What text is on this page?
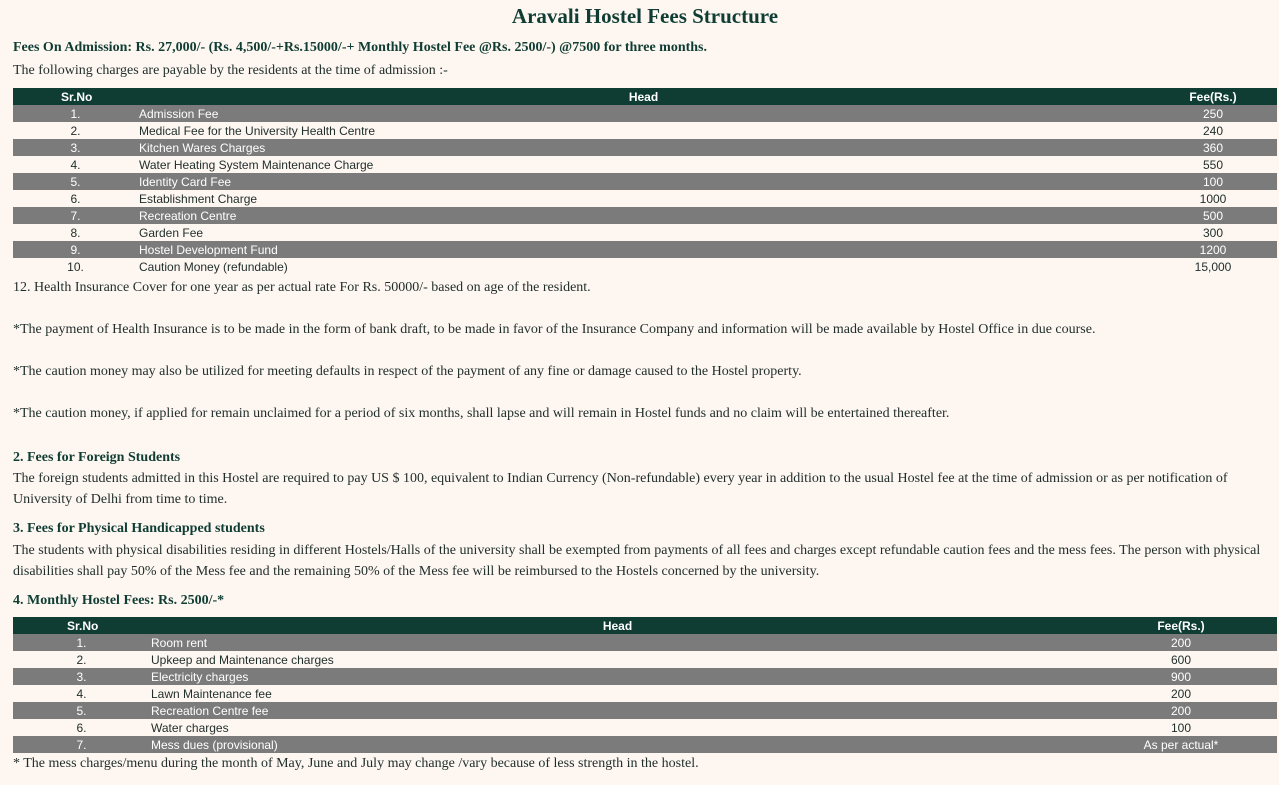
Aravali Hostel Fees Structure
Fees On Admission: Rs. 27,000/- (Rs. 4,500/-+Rs.15000/-+ Monthly Hostel Fee @Rs. 2500/-) @7500 for three months.
The following charges are payable by the residents at the time of admission :-
Sr.No	Head	Fee(Rs.)
1.	Admission Fee	250
2.	Medical Fee for the University Health Centre	240
3.	Kitchen Wares Charges	360
4.	Water Heating System Maintenance Charge	550
5.	Identity Card Fee	100
6.	Establishment Charge	1000
7.	Recreation Centre	500
8.	Garden Fee	300
9.	Hostel Development Fund	1200
10.	Caution Money (refundable)	15,000
12. Health Insurance Cover for one year as per actual rate For Rs. 50000/- based on age of the resident.
*The payment of Health Insurance is to be made in the form of bank draft, to be made in favor of the Insurance Company and information will be made available by Hostel Office in due course.
*The caution money may also be utilized for meeting defaults in respect of the payment of any fine or damage caused to the Hostel property.
*The caution money, if applied for remain unclaimed for a period of six months, shall lapse and will remain in Hostel funds and no claim will be entertained thereafter.
2. Fees for Foreign Students
The foreign students admitted in this Hostel are required to pay US $ 100, equivalent to Indian Currency (Non-refundable) every year in addition to the usual Hostel fee at the time of admission or as per notification of University of Delhi from time to time.
3. Fees for Physical Handicapped students
The students with physical disabilities residing in different Hostels/Halls of the university shall be exempted from payments of all fees and charges except refundable caution fees and the mess fees. The person with physical disabilities shall pay 50% of the Mess fee and the remaining 50% of the Mess fee will be reimbursed to the Hostels concerned by the university.
4. Monthly Hostel Fees: Rs. 2500/-*
Sr.No	Head	Fee(Rs.)
1.	Room rent	200
2.	Upkeep and Maintenance charges	600
3.	Electricity charges	900
4.	Lawn Maintenance fee	200
5.	Recreation Centre fee	200
6.	Water charges	100
7.	Mess dues (provisional)	As per actual*
* The mess charges/menu during the month of May, June and July may change /vary because of less strength in the hostel.
